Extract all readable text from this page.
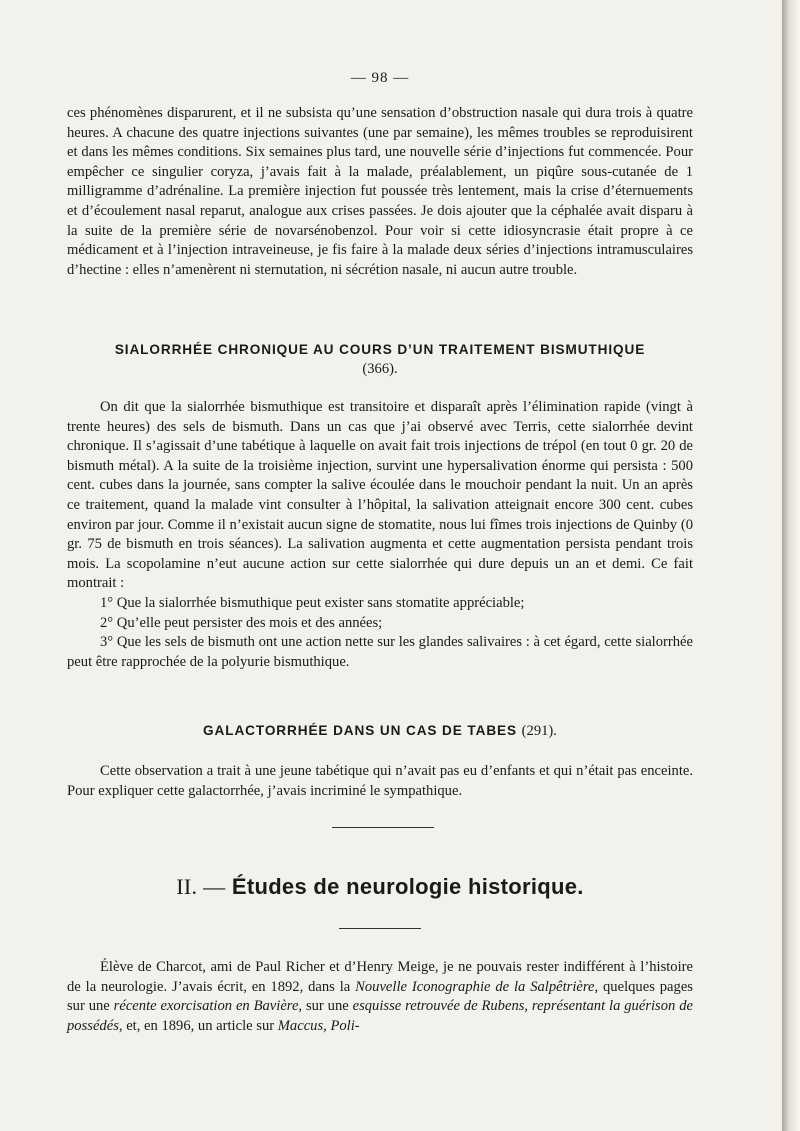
— 98 —

ces phénomènes disparurent, et il ne subsista qu’une sensation d’obstruction nasale qui dura trois à quatre heures. A chacune des quatre injections suivantes (une par semaine), les mêmes troubles se reproduisirent et dans les mêmes conditions. Six semaines plus tard, une nouvelle série d’injections fut commencée. Pour empêcher ce singulier coryza, j’avais fait à la malade, préalablement, un piqûre sous-cutanée de 1 milligramme d’adrénaline. La première injection fut poussée très lentement, mais la crise d’éternuements et d’écoulement nasal reparut, analogue aux crises passées. Je dois ajouter que la céphalée avait disparu à la suite de la première série de novarsénobenzol. Pour voir si cette idiosyncrasie était propre à ce médicament et à l’injection intraveineuse, je fis faire à la malade deux séries d’injections intramusculaires d’hectine : elles n’amenèrent ni sternutation, ni sécrétion nasale, ni aucun autre trouble.

SIALORRHÉE CHRONIQUE AU COURS D’UN TRAITEMENT BISMUTHIQUE
(366).

On dit que la sialorrhée bismuthique est transitoire et disparaît après l’élimination rapide (vingt à trente heures) des sels de bismuth. Dans un cas que j’ai observé avec Terris, cette sialorrhée devint chronique. Il s’agissait d’une tabétique à laquelle on avait fait trois injections de trépol (en tout 0 gr. 20 de bismuth métal). A la suite de la troisième injection, survint une hypersalivation énorme qui persista : 500 cent. cubes dans la journée, sans compter la salive écoulée dans le mouchoir pendant la nuit. Un an après ce traitement, quand la malade vint consulter à l’hôpital, la salivation atteignait encore 300 cent. cubes environ par jour. Comme il n’existait aucun signe de stomatite, nous lui fîmes trois injections de Quinby (0 gr. 75 de bismuth en trois séances). La salivation augmenta et cette augmentation persista pendant trois mois. La scopolamine n’eut aucune action sur cette sialorrhée qui dure depuis un an et demi. Ce fait montrait :

1° Que la sialorrhée bismuthique peut exister sans stomatite appréciable;
2° Qu’elle peut persister des mois et des années;
3° Que les sels de bismuth ont une action nette sur les glandes salivaires : à cet égard, cette sialorrhée peut être rapprochée de la polyurie bismuthique.
GALACTORRHÉE DANS UN CAS DE TABES (291).

Cette observation a trait à une jeune tabétique qui n’avait pas eu d’enfants et qui n’était pas enceinte. Pour expliquer cette galactorrhée, j’avais incriminé le sympathique.

II. — Études de neurologie historique.

Élève de Charcot, ami de Paul Richer et d’Henry Meige, je ne pouvais rester indifférent à l’histoire de la neurologie. J’avais écrit, en 1892, dans la Nouvelle Iconographie de la Salpêtrière, quelques pages sur une récente exorcisation en Bavière, sur une esquisse retrouvée de Rubens, représentant la guérison de possédés, et, en 1896, un article sur Maccus, Poli-
